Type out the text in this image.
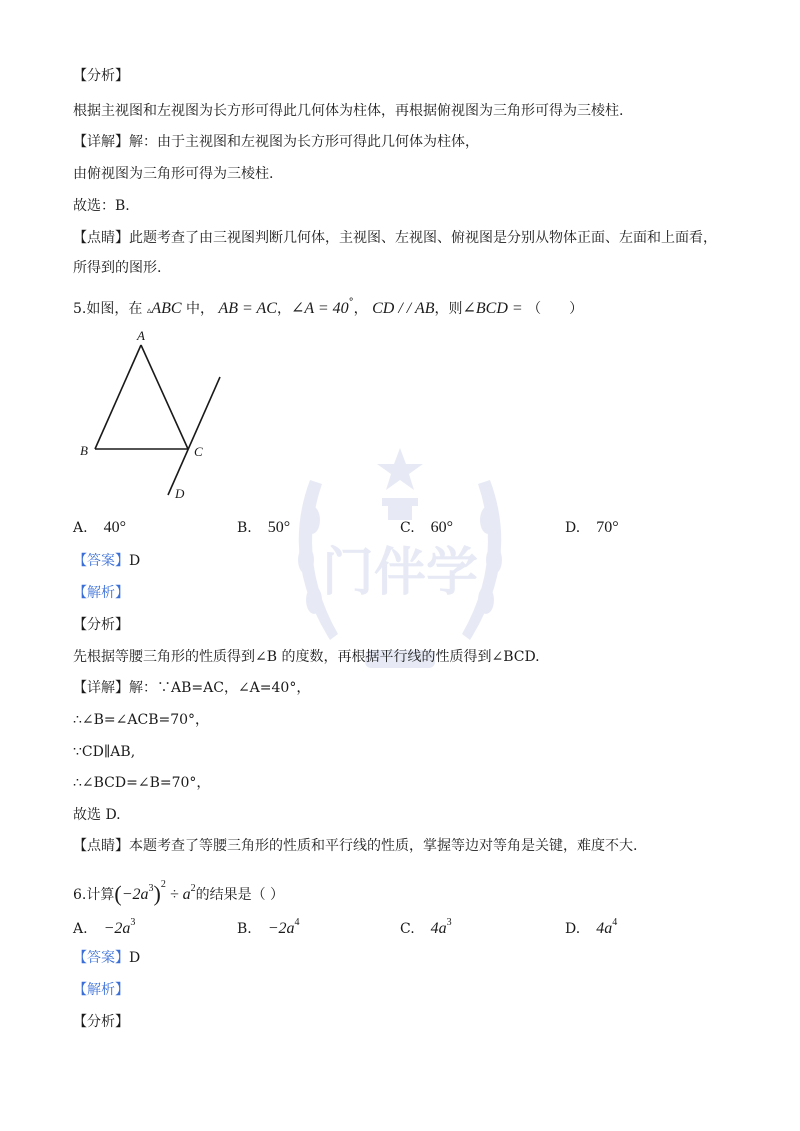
门伴学
【分析】
根据主视图和左视图为长方形可得此几何体为柱体，再根据俯视图为三角形可得为三棱柱.
【详解】解：由于主视图和左视图为长方形可得此几何体为柱体，
由俯视图为三角形可得为三棱柱.
故选：B.
【点睛】此题考查了由三视图判断几何体，主视图、左视图、俯视图是分别从物体正面、左面和上面看，
所得到的图形.
5.如图，在 ▵ABC 中， AB = AC，∠A = 40°， CD / / AB，则∠BCD = （　　）
A
B	C
D
A. 40°	B. 50°	C. 60°	D. 70°
【答案】D
【解析】
【分析】
先根据等腰三角形的性质得到∠B 的度数，再根据平行线的性质得到∠BCD.
【详解】解：∵AB=AC，∠A=40°，
∴∠B=∠ACB=70°，
∵CD∥AB,
∴∠BCD=∠B=70°，
故选 D.
【点睛】本题考查了等腰三角形的性质和平行线的性质，掌握等边对等角是关键，难度不大.
6.计算$(-2a^3)^2 \div a^2$的结果是（ ）
A. $-2a^3$	B. $-2a^4$	C. $4a^3$	D. $4a^4$
【答案】D
【解析】
【分析】
